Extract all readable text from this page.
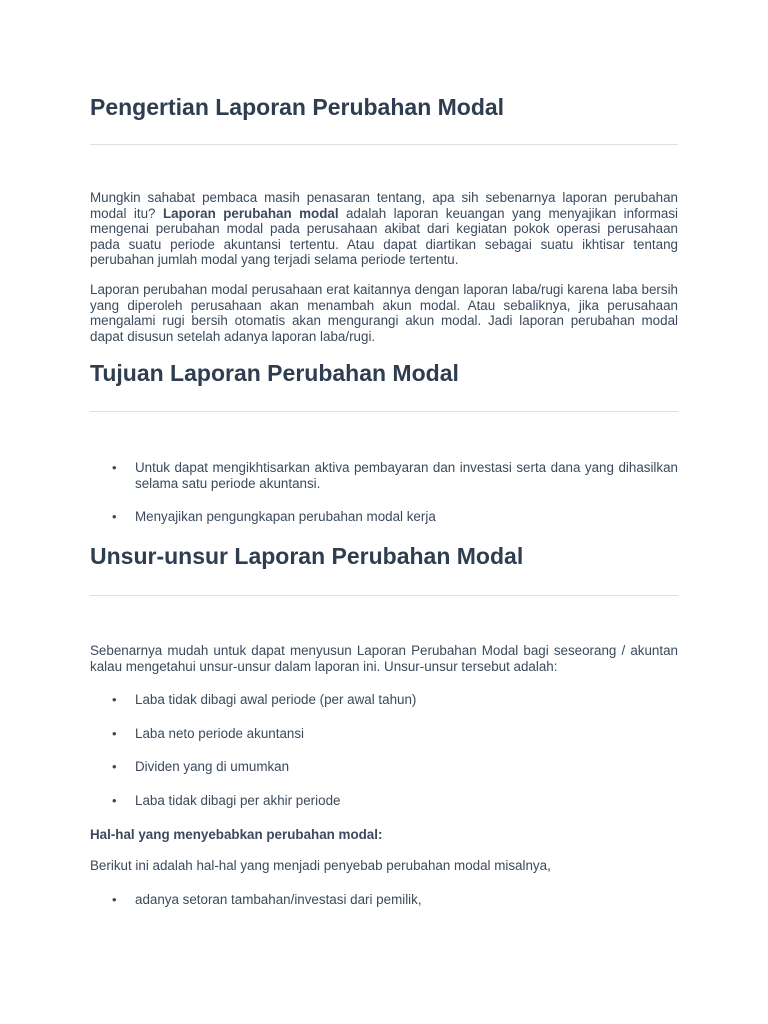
Pengertian Laporan Perubahan Modal

Mungkin sahabat pembaca masih penasaran tentang, apa sih sebenarnya laporan perubahan modal itu? Laporan perubahan modal adalah laporan keuangan yang menyajikan informasi mengenai perubahan modal pada perusahaan akibat dari kegiatan pokok operasi perusahaan pada suatu periode akuntansi tertentu. Atau dapat diartikan sebagai suatu ikhtisar tentang perubahan jumlah modal yang terjadi selama periode tertentu.

Laporan perubahan modal perusahaan erat kaitannya dengan laporan laba/rugi karena laba bersih yang diperoleh perusahaan akan menambah akun modal. Atau sebaliknya, jika perusahaan mengalami rugi bersih otomatis akan mengurangi akun modal. Jadi laporan perubahan modal dapat disusun setelah adanya laporan laba/rugi.

Tujuan Laporan Perubahan Modal
• Untuk dapat mengikhtisarkan aktiva pembayaran dan investasi serta dana yang dihasilkan selama satu periode akuntansi.
• Menyajikan pengungkapan perubahan modal kerja
Unsur-unsur Laporan Perubahan Modal

Sebenarnya mudah untuk dapat menyusun Laporan Perubahan Modal bagi seseorang / akuntan kalau mengetahui unsur-unsur dalam laporan ini. Unsur-unsur tersebut adalah:

• Laba tidak dibagi awal periode (per awal tahun)
• Laba neto periode akuntansi
• Dividen yang di umumkan
• Laba tidak dibagi per akhir periode
Hal-hal yang menyebabkan perubahan modal:

Berikut ini adalah hal-hal yang menjadi penyebab perubahan modal misalnya,

• adanya setoran tambahan/investasi dari pemilik,
